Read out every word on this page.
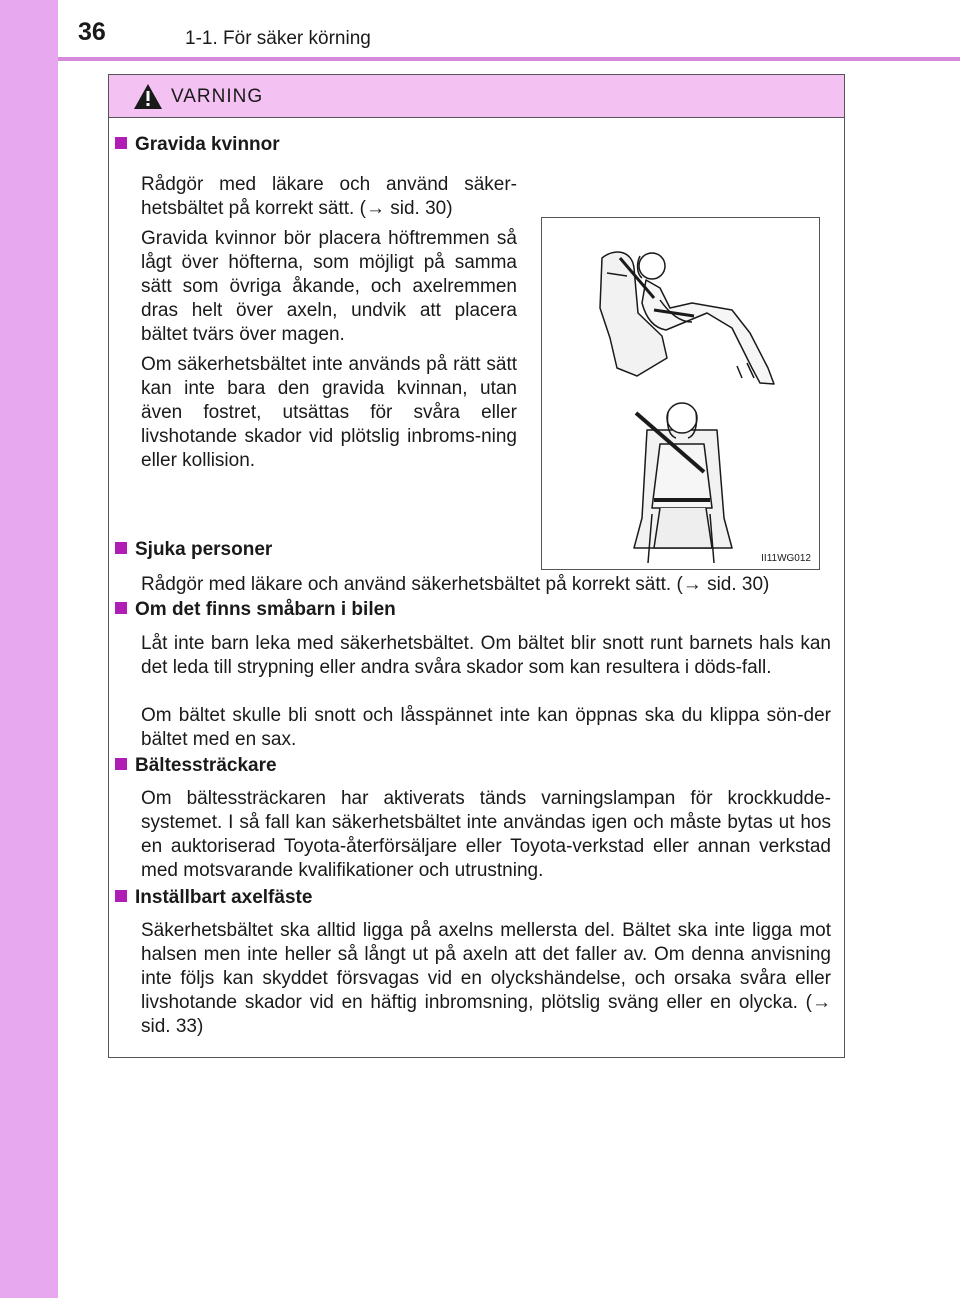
36	1-1. För säker körning
VARNING
Gravida kvinnor
Rådgör med läkare och använd säker-hetsbältet på korrekt sätt. (→ sid. 30)
Gravida kvinnor bör placera höftremmen så lågt över höfterna, som möjligt på samma sätt som övriga åkande, och axelremmen dras helt över axeln, undvik att placera bältet tvärs över magen.
Om säkerhetsbältet inte används på rätt sätt kan inte bara den gravida kvinnan, utan även fostret, utsättas för svåra eller livshotande skador vid plötslig inbroms-ning eller kollision.
II11WG012
Sjuka personer
Rådgör med läkare och använd säkerhetsbältet på korrekt sätt. (→ sid. 30)
Om det finns småbarn i bilen
Låt inte barn leka med säkerhetsbältet. Om bältet blir snott runt barnets hals kan det leda till strypning eller andra svåra skador som kan resultera i döds-fall.
Om bältet skulle bli snott och låsspännet inte kan öppnas ska du klippa sön-der bältet med en sax.
Bältessträckare
Om bältessträckaren har aktiverats tänds varningslampan för krockkudde-systemet. I så fall kan säkerhetsbältet inte användas igen och måste bytas ut hos en auktoriserad Toyota-återförsäljare eller Toyota-verkstad eller annan verkstad med motsvarande kvalifikationer och utrustning.
Inställbart axelfäste
Säkerhetsbältet ska alltid ligga på axelns mellersta del. Bältet ska inte ligga mot halsen men inte heller så långt ut på axeln att det faller av. Om denna anvisning inte följs kan skyddet försvagas vid en olyckshändelse, och orsaka svåra eller livshotande skador vid en häftig inbromsning, plötslig sväng eller en olycka. (→ sid. 33)
